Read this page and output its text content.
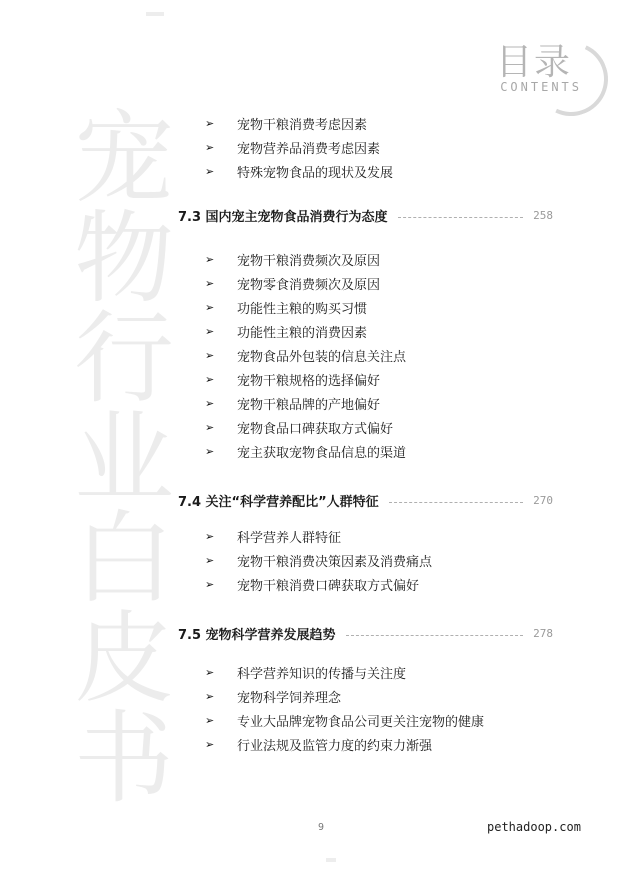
宠物行业白皮书
目录
CONTENTS
➢	宠物干粮消费考虑因素
➢	宠物营养品消费考虑因素
➢	特殊宠物食品的现状及发展
7.3 国内宠主宠物食品消费行为态度	258
➢	宠物干粮消费频次及原因
➢	宠物零食消费频次及原因
➢	功能性主粮的购买习惯
➢	功能性主粮的消费因素
➢	宠物食品外包装的信息关注点
➢	宠物干粮规格的选择偏好
➢	宠物干粮品牌的产地偏好
➢	宠物食品口碑获取方式偏好
➢	宠主获取宠物食品信息的渠道
7.4 关注“科学营养配比”人群特征	270
➢	科学营养人群特征
➢	宠物干粮消费决策因素及消费痛点
➢	宠物干粮消费口碑获取方式偏好
7.5 宠物科学营养发展趋势	278
➢	科学营养知识的传播与关注度
➢	宠物科学饲养理念
➢	专业大品牌宠物食品公司更关注宠物的健康
➢	行业法规及监管力度的约束力渐强
9	pethadoop.com
